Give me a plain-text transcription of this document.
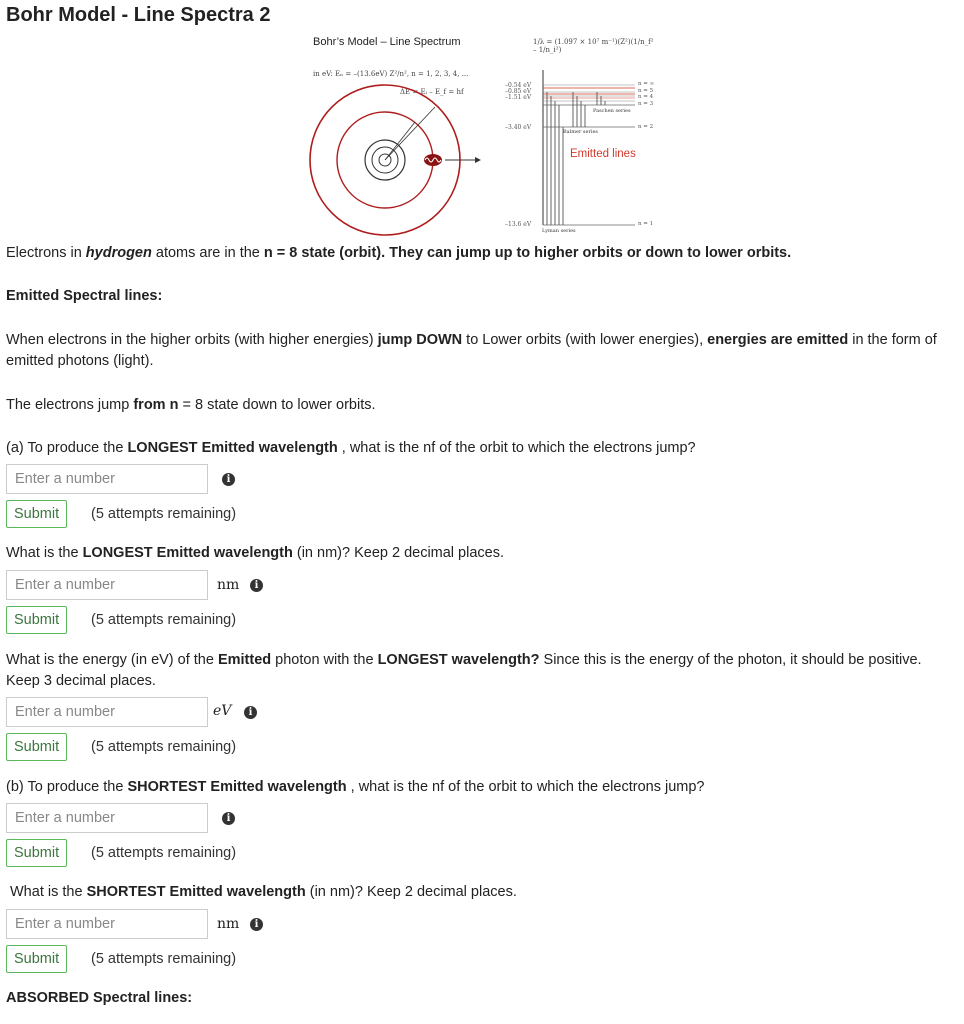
Bohr Model - Line Spectra 2
Bohr’s Model – Line Spectrum
in eV: Eₙ = –(13.6eV) Z²/n², n = 1, 2, 3, 4, ...
ΔE = Eᵢ – E_f = hf
1/λ = (1.097 × 10⁷ m⁻¹)(Z²)(1/n_f² – 1/n_i²)
–0.54 eV
–0.85 eV
–1.51 eV
–3.40 eV
–13.6 eV
n = ∞
n = 5
n = 4
n = 3
n = 2
n = 1
Paschen series
Balmer series
Lyman series
Emitted lines

Electrons in hydrogen atoms are in the n = 8 state (orbit). They can jump up to higher orbits or down to lower orbits.

Emitted Spectral lines:

When electrons in the higher orbits (with higher energies) jump DOWN to Lower orbits (with lower energies), energies are emitted in the form of emitted photons (light).

The electrons jump from n = 8 state down to lower orbits.

(a) To produce the LONGEST Emitted wavelength , what is the nf of the orbit to which the electrons jump?

Enter a number
i
Submit	(5 attempts remaining)

What is the LONGEST Emitted wavelength (in nm)? Keep 2 decimal places.

Enter a number
nm	i
Submit	(5 attempts remaining)

What is the energy (in eV) of the Emitted photon with the LONGEST wavelength? Since this is the energy of the photon, it should be positive. Keep 3 decimal places.

Enter a number
eV	i
Submit	(5 attempts remaining)

(b) To produce the SHORTEST Emitted wavelength , what is the nf of the orbit to which the electrons jump?

Enter a number
i
Submit	(5 attempts remaining)

What is the SHORTEST Emitted wavelength (in nm)? Keep 2 decimal places.

Enter a number
nm	i
Submit	(5 attempts remaining)

ABSORBED Spectral lines:
